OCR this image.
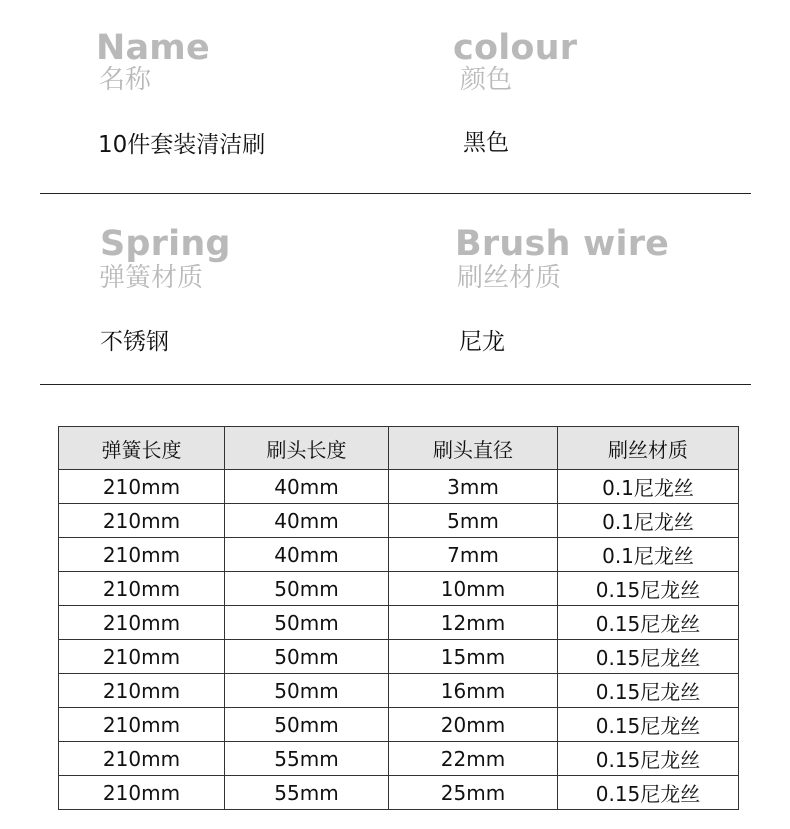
Name
名称
10件套装清洁刷
colour
颜色
黑色
Spring
弹簧材质
不锈钢
Brush wire
刷丝材质
尼龙
弹簧长度	刷头长度	刷头直径	刷丝材质
210mm	40mm	3mm	0.1尼龙丝
210mm	40mm	5mm	0.1尼龙丝
210mm	40mm	7mm	0.1尼龙丝
210mm	50mm	10mm	0.15尼龙丝
210mm	50mm	12mm	0.15尼龙丝
210mm	50mm	15mm	0.15尼龙丝
210mm	50mm	16mm	0.15尼龙丝
210mm	50mm	20mm	0.15尼龙丝
210mm	55mm	22mm	0.15尼龙丝
210mm	55mm	25mm	0.15尼龙丝
